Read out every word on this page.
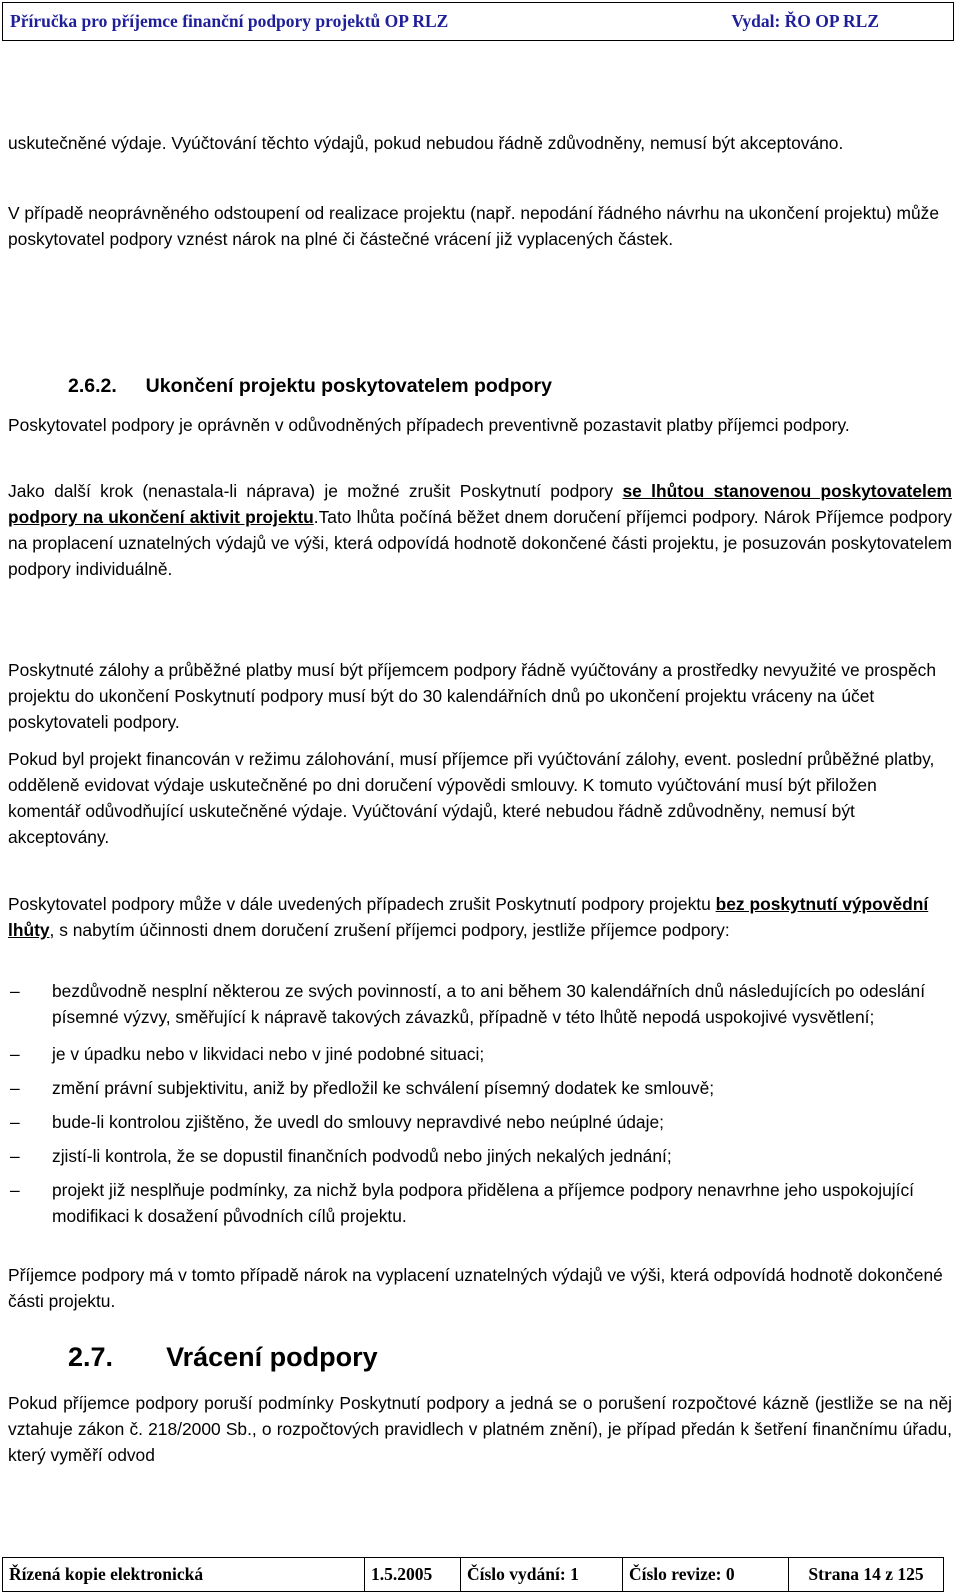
Příručka pro příjemce finanční podpory projektů OP RLZ	Vydal: ŘO OP RLZ

uskutečněné výdaje. Vyúčtování těchto výdajů, pokud nebudou řádně zdůvodněny, nemusí být akceptováno.

V případě neoprávněného odstoupení od realizace projektu (např. nepodání řádného návrhu na ukončení projektu) může poskytovatel podpory vznést nárok na plné či částečné vrácení již vyplacených částek.

2.6.2. Ukončení projektu poskytovatelem podpory

Poskytovatel podpory je oprávněn v odůvodněných případech preventivně pozastavit platby příjemci podpory.

Jako další krok (nenastala-li náprava) je možné zrušit Poskytnutí podpory se lhůtou stanovenou poskytovatelem podpory na ukončení aktivit projektu.Tato lhůta počíná běžet dnem doručení příjemci podpory. Nárok Příjemce podpory na proplacení uznatelných výdajů ve výši, která odpovídá hodnotě dokončené části projektu, je posuzován poskytovatelem podpory individuálně.

Poskytnuté zálohy a průběžné platby musí být příjemcem podpory řádně vyúčtovány a prostředky nevyužité ve prospěch projektu do ukončení Poskytnutí podpory musí být do 30 kalendářních dnů po ukončení projektu vráceny na účet poskytovateli podpory.

Pokud byl projekt financován v režimu zálohování, musí příjemce při vyúčtování zálohy, event. poslední průběžné platby, odděleně evidovat výdaje uskutečněné po dni doručení výpovědi smlouvy. K tomuto vyúčtování musí být přiložen komentář odůvodňující uskutečněné výdaje. Vyúčtování výdajů, které nebudou řádně zdůvodněny, nemusí být akceptovány.

Poskytovatel podpory může v dále uvedených případech zrušit Poskytnutí podpory projektu bez poskytnutí výpovědní lhůty, s nabytím účinnosti dnem doručení zrušení příjemci podpory, jestliže příjemce podpory:

– bezdůvodně nesplní některou ze svých povinností, a to ani během 30 kalendářních dnů následujících po odeslání písemné výzvy, směřující k nápravě takových závazků, případně v této lhůtě nepodá uspokojivé vysvětlení;
– je v úpadku nebo v likvidaci nebo v jiné podobné situaci;
– změní právní subjektivitu, aniž by předložil ke schválení písemný dodatek ke smlouvě;
– bude-li kontrolou zjištěno, že uvedl do smlouvy nepravdivé nebo neúplné údaje;
– zjistí-li kontrola, že se dopustil finančních podvodů nebo jiných nekalých jednání;
– projekt již nesplňuje podmínky, za nichž byla podpora přidělena a příjemce podpory nenavrhne jeho uspokojující modifikaci k dosažení původních cílů projektu.

Příjemce podpory má v tomto případě nárok na vyplacení uznatelných výdajů ve výši, která odpovídá hodnotě dokončené části projektu.

2.7. Vrácení podpory

Pokud příjemce podpory poruší podmínky Poskytnutí podpory a jedná se o porušení rozpočtové kázně (jestliže se na něj vztahuje zákon č. 218/2000 Sb., o rozpočtových pravidlech v platném znění), je případ předán k šetření finančnímu úřadu, který vyměří odvod

Řízená kopie elektronická	1.5.2005	Číslo vydání: 1	Číslo revize: 0	Strana 14 z 125
